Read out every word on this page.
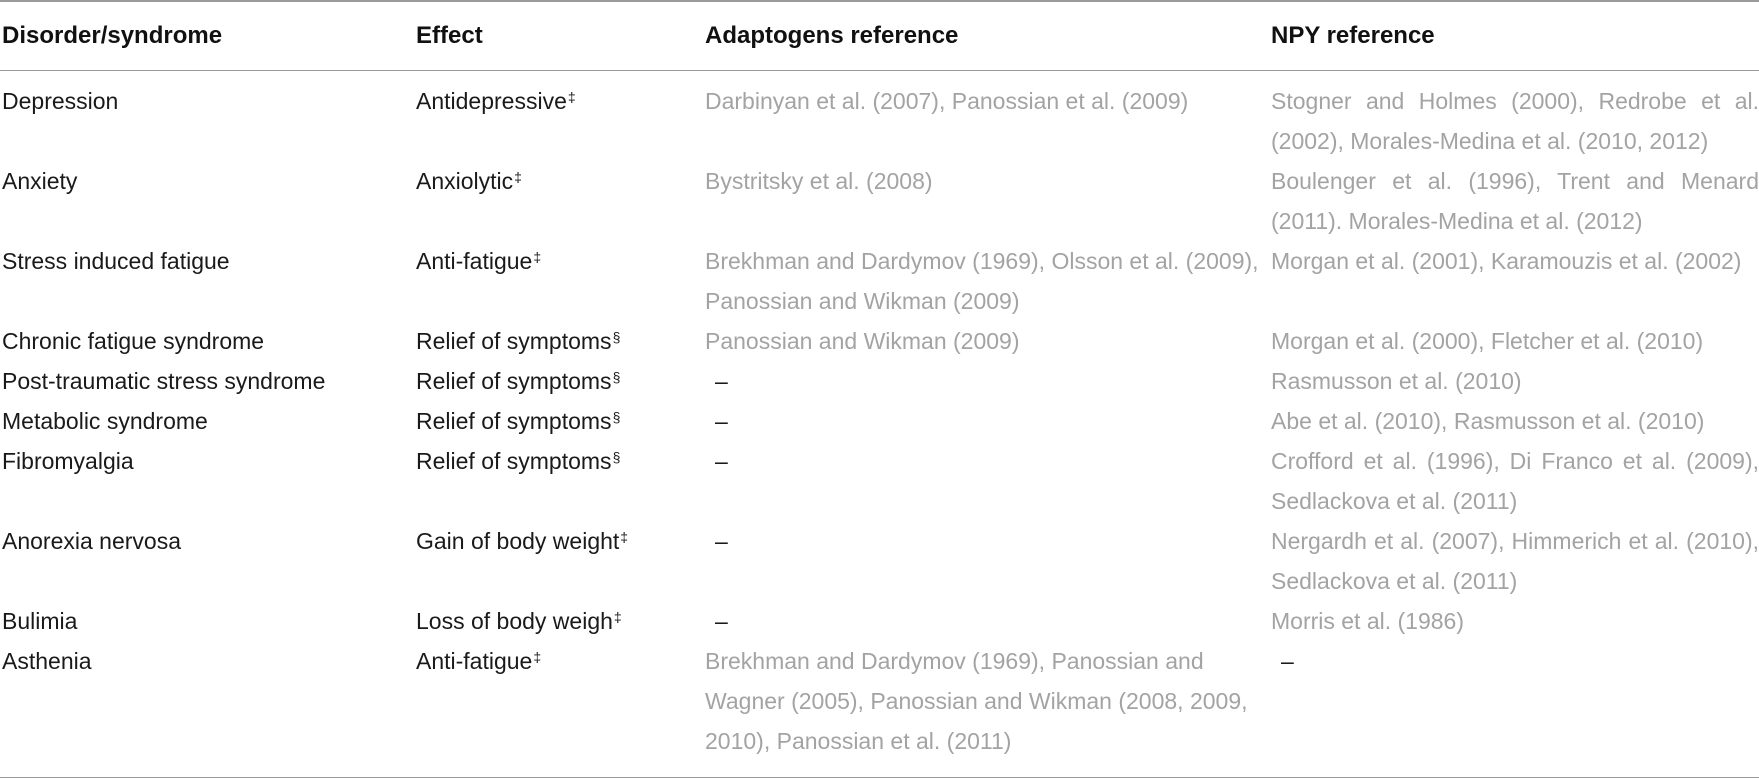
Disorder/syndrome	Effect	Adaptogens reference	NPY reference
Depression	Antidepressive‡	Darbinyan et al. (2007), Panossian et al. (2009)	Stogner and Holmes (2000), Redrobe et al. (2002), Morales-Medina et al. (2010, 2012)
Anxiety	Anxiolytic‡	Bystritsky et al. (2008)	Boulenger et al. (1996), Trent and Menard (2011). Morales-Medina et al. (2012)
Stress induced fatigue	Anti-fatigue‡	Brekhman and Dardymov (1969), Olsson et al. (2009), Panossian and Wikman (2009)	Morgan et al. (2001), Karamouzis et al. (2002)
Chronic fatigue syndrome	Relief of symptoms§	Panossian and Wikman (2009)	Morgan et al. (2000), Fletcher et al. (2010)
Post-traumatic stress syndrome	Relief of symptoms§	–	Rasmusson et al. (2010)
Metabolic syndrome	Relief of symptoms§	–	Abe et al. (2010), Rasmusson et al. (2010)
Fibromyalgia	Relief of symptoms§	–	Crofford et al. (1996), Di Franco et al. (2009), Sedlackova et al. (2011)
Anorexia nervosa	Gain of body weight‡	–	Nergardh et al. (2007), Himmerich et al. (2010), Sedlackova et al. (2011)
Bulimia	Loss of body weigh‡	–	Morris et al. (1986)
Asthenia	Anti-fatigue‡	Brekhman and Dardymov (1969), Panossian and Wagner (2005), Panossian and Wikman (2008, 2009, 2010), Panossian et al. (2011)	–
